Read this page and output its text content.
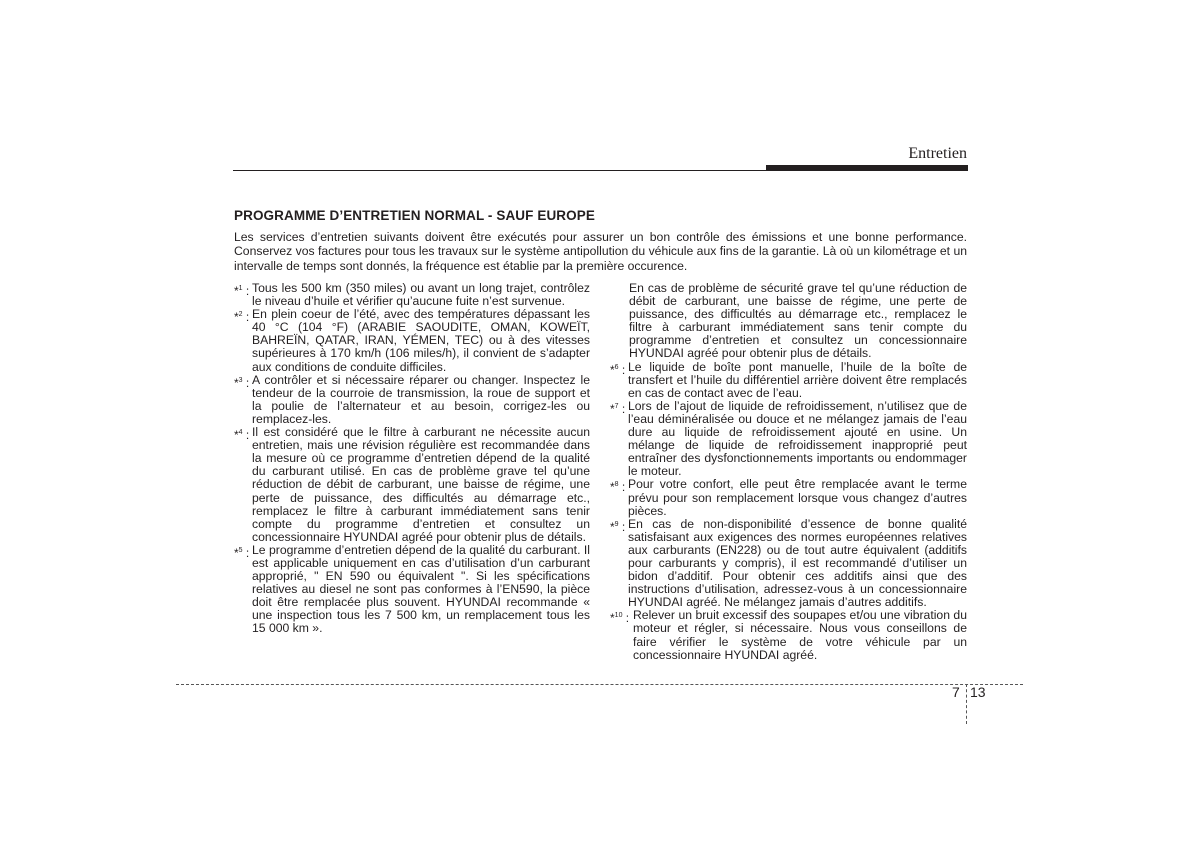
Entretien
PROGRAMME D’ENTRETIEN NORMAL - SAUF EUROPE
Les services d’entretien suivants doivent être exécutés pour assurer un bon contrôle des émissions et une bonne performance. Conservez vos factures pour tous les travaux sur le système antipollution du véhicule aux fins de la garantie. Là où un kilométrage et un intervalle de temps sont donnés, la fréquence est établie par la première occurence.
*$^1$ : Tous les 500 km (350 miles) ou avant un long trajet, contrôlez le niveau d’huile et vérifier qu’aucune fuite n’est survenue.
*$^2$ : En plein coeur de l’été, avec des températures dépassant les 40 °C (104 °F) (ARABIE SAOUDITE, OMAN, KOWEÏT, BAHREÏN, QATAR, IRAN, YÉMEN, TEC) ou à des vitesses supérieures à 170 km/h (106 miles/h), il convient de s’adapter aux conditions de conduite difficiles.
*$^3$ : A contrôler et si nécessaire réparer ou changer. Inspectez le tendeur de la courroie de transmission, la roue de support et la poulie de l’alternateur et au besoin, corrigez-les ou remplacez-les.
*$^4$ : Il est considéré que le filtre à carburant ne nécessite aucun entretien, mais une révision régulière est recommandée dans la mesure où ce programme d’entretien dépend de la qualité du carburant utilisé. En cas de problème grave tel qu’une réduction de débit de carburant, une baisse de régime, une perte de puissance, des difficultés au démarrage etc., remplacez le filtre à carburant immédiatement sans tenir compte du programme d’entretien et consultez un concessionnaire HYUNDAI agréé pour obtenir plus de détails.
*$^5$ : Le programme d’entretien dépend de la qualité du carburant. Il est applicable uniquement en cas d’utilisation d’un carburant approprié, " EN 590 ou équivalent ". Si les spécifications relatives au diesel ne sont pas conformes à l’EN590, la pièce doit être remplacée plus souvent. HYUNDAI recommande « une inspection tous les 7 500 km, un remplacement tous les 15 000 km ».
En cas de problème de sécurité grave tel qu’une réduction de débit de carburant, une baisse de régime, une perte de puissance, des difficultés au démarrage etc., remplacez le filtre à carburant immédiatement sans tenir compte du programme d’entretien et consultez un concessionnaire HYUNDAI agréé pour obtenir plus de détails.
*$^6$ : Le liquide de boîte pont manuelle, l’huile de la boîte de transfert et l’huile du différentiel arrière doivent être remplacés en cas de contact avec de l’eau.
*$^7$ : Lors de l’ajout de liquide de refroidissement, n’utilisez que de l’eau déminéralisée ou douce et ne mélangez jamais de l’eau dure au liquide de refroidissement ajouté en usine. Un mélange de liquide de refroidissement inapproprié peut entraîner des dysfonctionnements importants ou endommager le moteur.
*$^8$ : Pour votre confort, elle peut être remplacée avant le terme prévu pour son remplacement lorsque vous changez d’autres pièces.
*$^9$ : En cas de non-disponibilité d’essence de bonne qualité satisfaisant aux exigences des normes européennes relatives aux carburants (EN228) ou de tout autre équivalent (additifs pour carburants y compris), il est recommandé d’utiliser un bidon d’additif. Pour obtenir ces additifs ainsi que des instructions d’utilisation, adressez-vous à un concessionnaire HYUNDAI agréé. Ne mélangez jamais d’autres additifs.
*$^{10}$ : Relever un bruit excessif des soupapes et/ou une vibration du moteur et régler, si nécessaire. Nous vous conseillons de faire vérifier le système de votre véhicule par un concessionnaire HYUNDAI agréé.
7 13
